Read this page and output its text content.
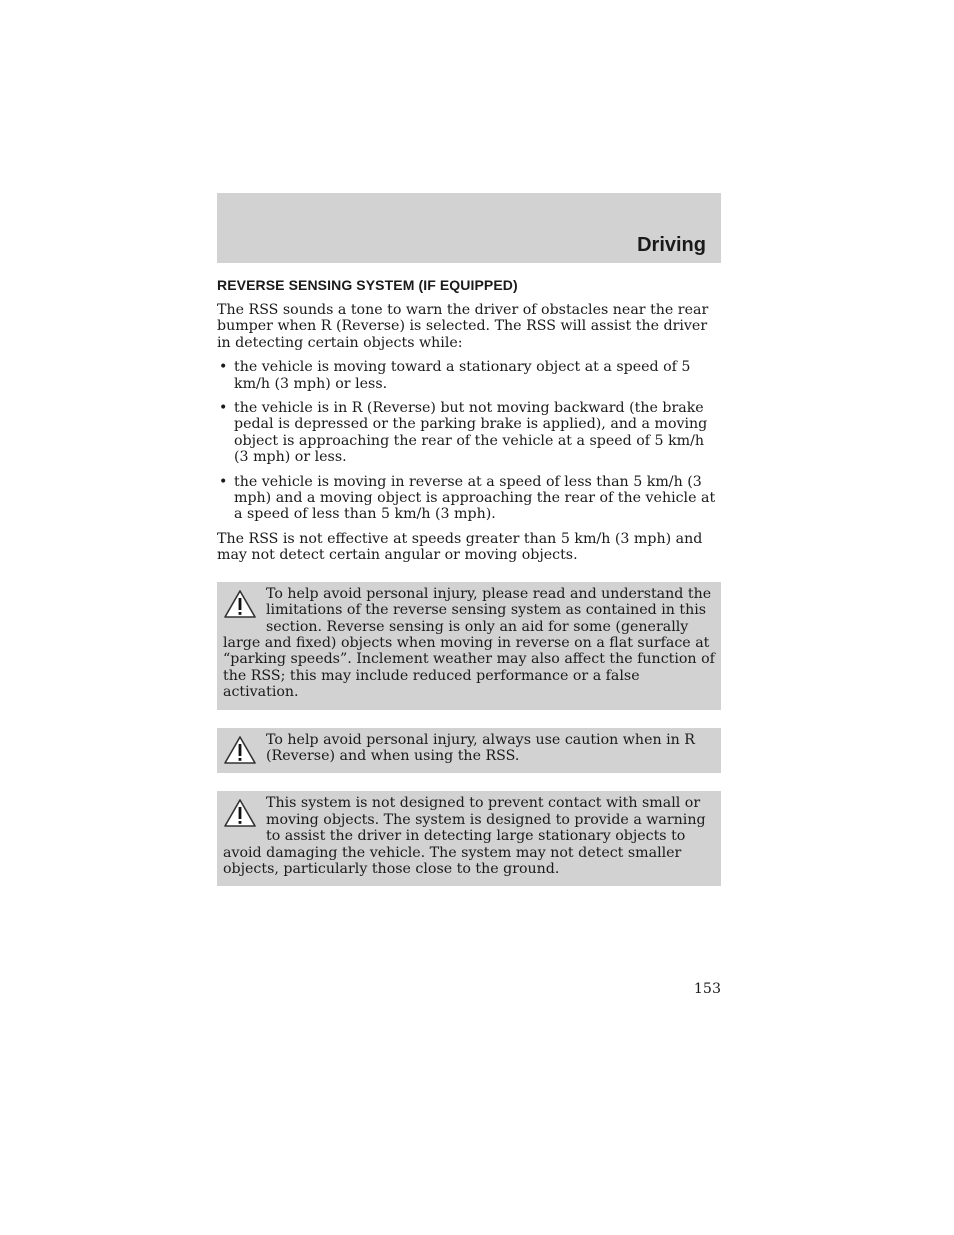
Driving
REVERSE SENSING SYSTEM (IF EQUIPPED)

The RSS sounds a tone to warn the driver of obstacles near the rear bumper when R (Reverse) is selected. The RSS will assist the driver in detecting certain objects while:

• the vehicle is moving toward a stationary object at a speed of 5 km/h (3 mph) or less.
• the vehicle is in R (Reverse) but not moving backward (the brake pedal is depressed or the parking brake is applied), and a moving object is approaching the rear of the vehicle at a speed of 5 km/h (3 mph) or less.
• the vehicle is moving in reverse at a speed of less than 5 km/h (3 mph) and a moving object is approaching the rear of the vehicle at a speed of less than 5 km/h (3 mph).

The RSS is not effective at speeds greater than 5 km/h (3 mph) and may not detect certain angular or moving objects.

To help avoid personal injury, please read and understand the limitations of the reverse sensing system as contained in this section. Reverse sensing is only an aid for some (generally large and fixed) objects when moving in reverse on a flat surface at “parking speeds”. Inclement weather may also affect the function of the RSS; this may include reduced performance or a false activation.

To help avoid personal injury, always use caution when in R (Reverse) and when using the RSS.

This system is not designed to prevent contact with small or moving objects. The system is designed to provide a warning to assist the driver in detecting large stationary objects to avoid damaging the vehicle. The system may not detect smaller objects, particularly those close to the ground.

153
